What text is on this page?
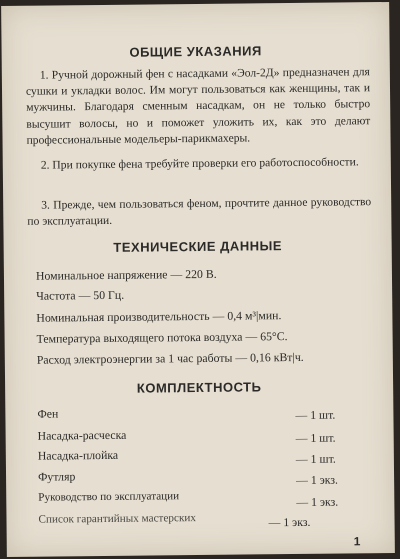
ОБЩИЕ УКАЗАНИЯ
1. Ручной дорожный фен с насадками «Эол-2Д» предназначен для сушки и укладки волос. Им могут пользоваться как женщины, так и мужчины. Благодаря сменным насадкам, он не только быстро высушит волосы, но и поможет уложить их, как это делают профессиональные модельеры-парикмахеры.
2. При покупке фена требуйте проверки его работоспособности.
3. Прежде, чем пользоваться феном, прочтите данное руководство по эксплуатации.
ТЕХНИЧЕСКИЕ ДАННЫЕ
Номинальное напряжение — 220 В.
Частота — 50 Гц.
Номинальная производительность — 0,4 м³|мин.
Температура выходящего потока воздуха — 65°С.
Расход электроэнергии за 1 час работы — 0,16 кВт|ч.
КОМПЛЕКТНОСТЬ
Фен	— 1 шт.
Насадка-расческа	— 1 шт.
Насадка-плойка	— 1 шт.
Футляр	— 1 экз.
Руководство по эксплуатации	— 1 экз.
Список гарантийных мастерских	— 1 экз.
1
